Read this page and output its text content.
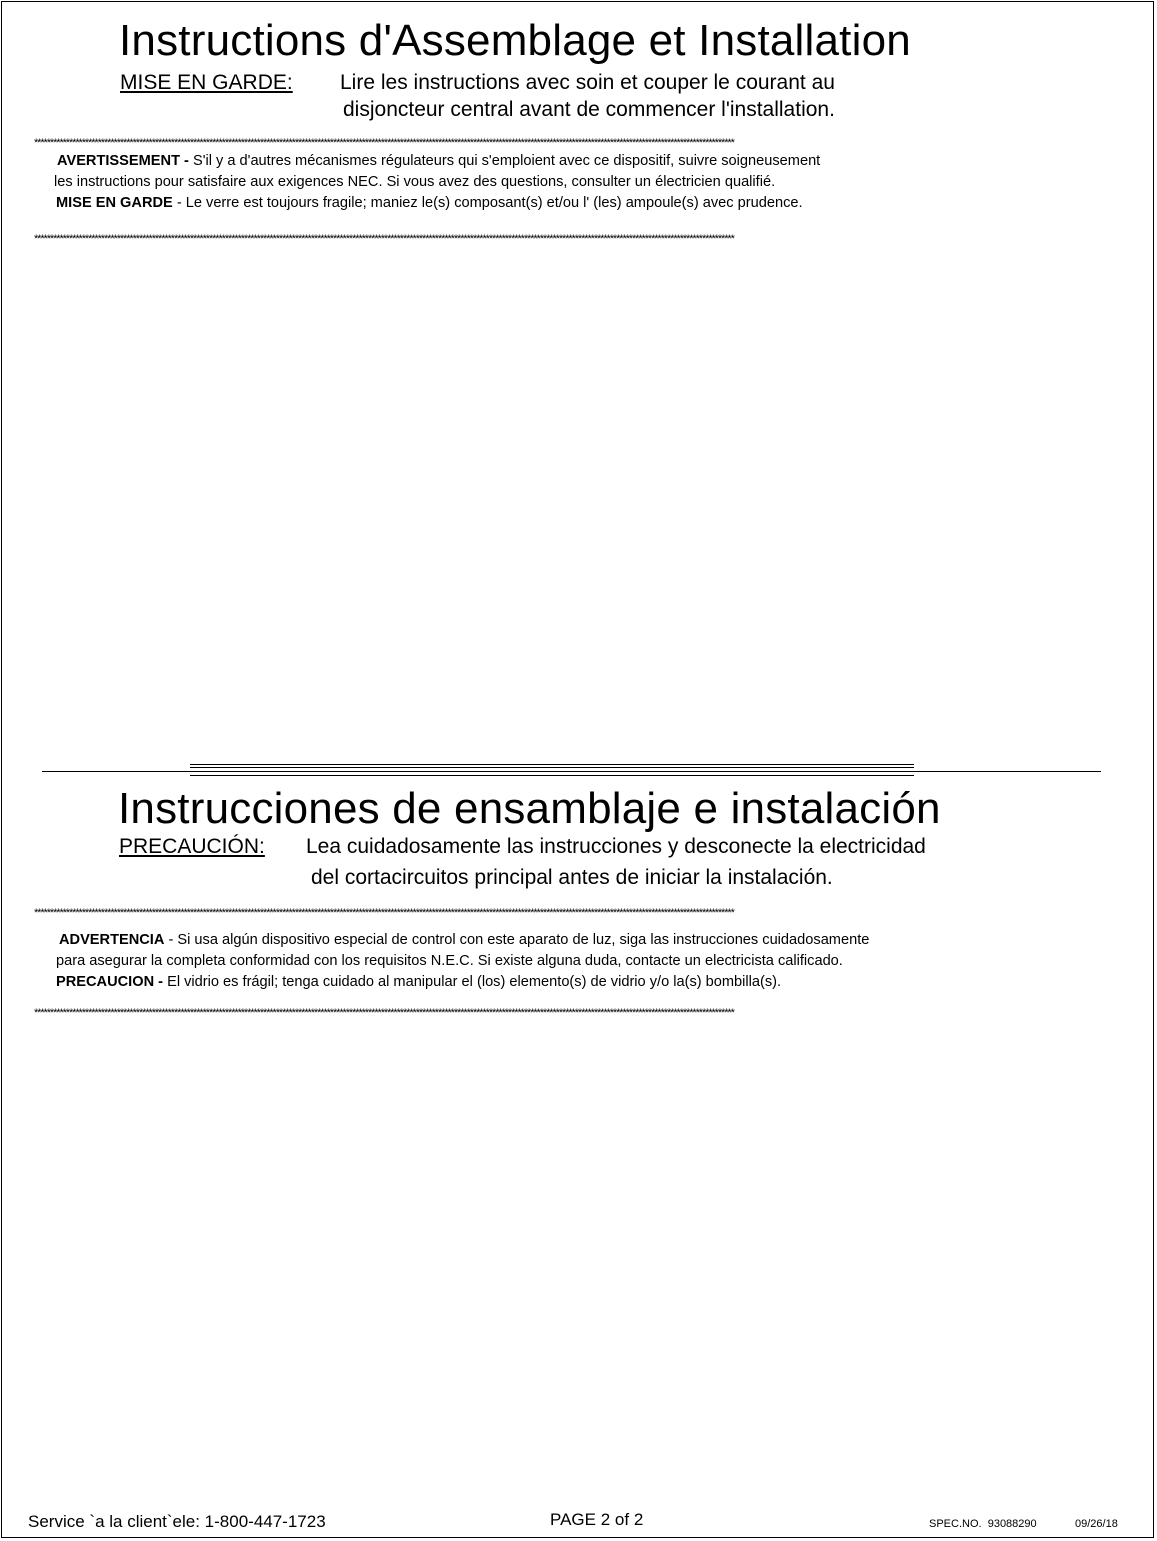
Instructions d'Assemblage et Installation
MISE EN GARDE: Lire les instructions avec soin et couper le courant au
disjoncteur central avant de commencer l'installation.
****************************************************************************************************************************************************************************************************************************
AVERTISSEMENT - S'il y a d'autres mécanismes régulateurs qui s'emploient avec ce dispositif, suivre soigneusement
les instructions pour satisfaire aux exigences NEC. Si vous avez des questions, consulter un électricien qualifié.
MISE EN GARDE - Le verre est toujours fragile; maniez le(s) composant(s) et/ou l' (les) ampoule(s) avec prudence.
****************************************************************************************************************************************************************************************************************************
Instrucciones de ensamblaje e instalación
PRECAUCIÓN: Lea cuidadosamente las instrucciones y desconecte la electricidad
del cortacircuitos principal antes de iniciar la instalación.
****************************************************************************************************************************************************************************************************************************
ADVERTENCIA - Si usa algún dispositivo especial de control con este aparato de luz, siga las instrucciones cuidadosamente
para asegurar la completa conformidad con los requisitos N.E.C. Si existe alguna duda, contacte un electricista calificado.
PRECAUCION - El vidrio es frágil; tenga cuidado al manipular el (los) elemento(s) de vidrio y/o la(s) bombilla(s).
****************************************************************************************************************************************************************************************************************************
Service `a la client`ele: 1-800-447-1723	PAGE 2 of 2	SPEC.NO. 93088290	09/26/18
